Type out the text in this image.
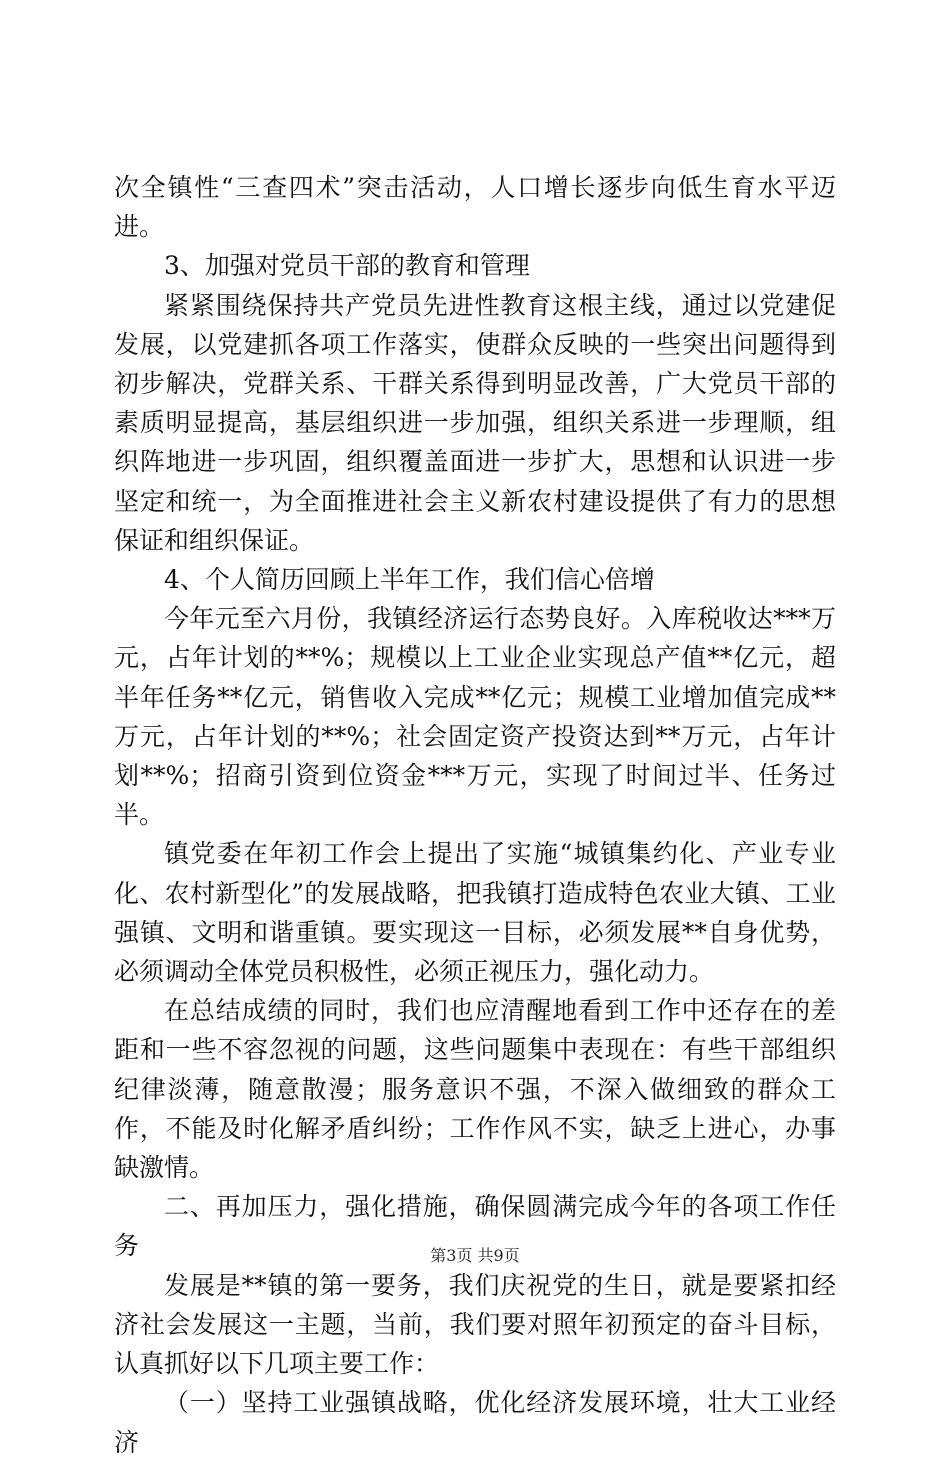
次全镇性“三查四术”突击活动，人口增长逐步向低生育水平迈进。

3、加强对党员干部的教育和管理

紧紧围绕保持共产党员先进性教育这根主线，通过以党建促发展，以党建抓各项工作落实，使群众反映的一些突出问题得到初步解决，党群关系、干群关系得到明显改善，广大党员干部的素质明显提高，基层组织进一步加强，组织关系进一步理顺，组织阵地进一步巩固，组织覆盖面进一步扩大，思想和认识进一步坚定和统一，为全面推进社会主义新农村建设提供了有力的思想保证和组织保证。

4、个人简历回顾上半年工作，我们信心倍增

今年元至六月份，我镇经济运行态势良好。入库税收达***万元，占年计划的**%；规模以上工业企业实现总产值**亿元，超半年任务**亿元，销售收入完成**亿元；规模工业增加值完成**万元，占年计划的**%；社会固定资产投资达到**万元，占年计划**%；招商引资到位资金***万元，实现了时间过半、任务过半。

镇党委在年初工作会上提出了实施“城镇集约化、产业专业化、农村新型化”的发展战略，把我镇打造成特色农业大镇、工业强镇、文明和谐重镇。要实现这一目标，必须发展**自身优势，必须调动全体党员积极性，必须正视压力，强化动力。

在总结成绩的同时，我们也应清醒地看到工作中还存在的差距和一些不容忽视的问题，这些问题集中表现在：有些干部组织纪律淡薄，随意散漫；服务意识不强，不深入做细致的群众工作，不能及时化解矛盾纠纷；工作作风不实，缺乏上进心，办事缺激情。

二、再加压力，强化措施，确保圆满完成今年的各项工作任务

发展是**镇的第一要务，我们庆祝党的生日，就是要紧扣经济社会发展这一主题，当前，我们要对照年初预定的奋斗目标，认真抓好以下几项主要工作：

（一）坚持工业强镇战略，优化经济发展环境，壮大工业经济

第3页 共9页
